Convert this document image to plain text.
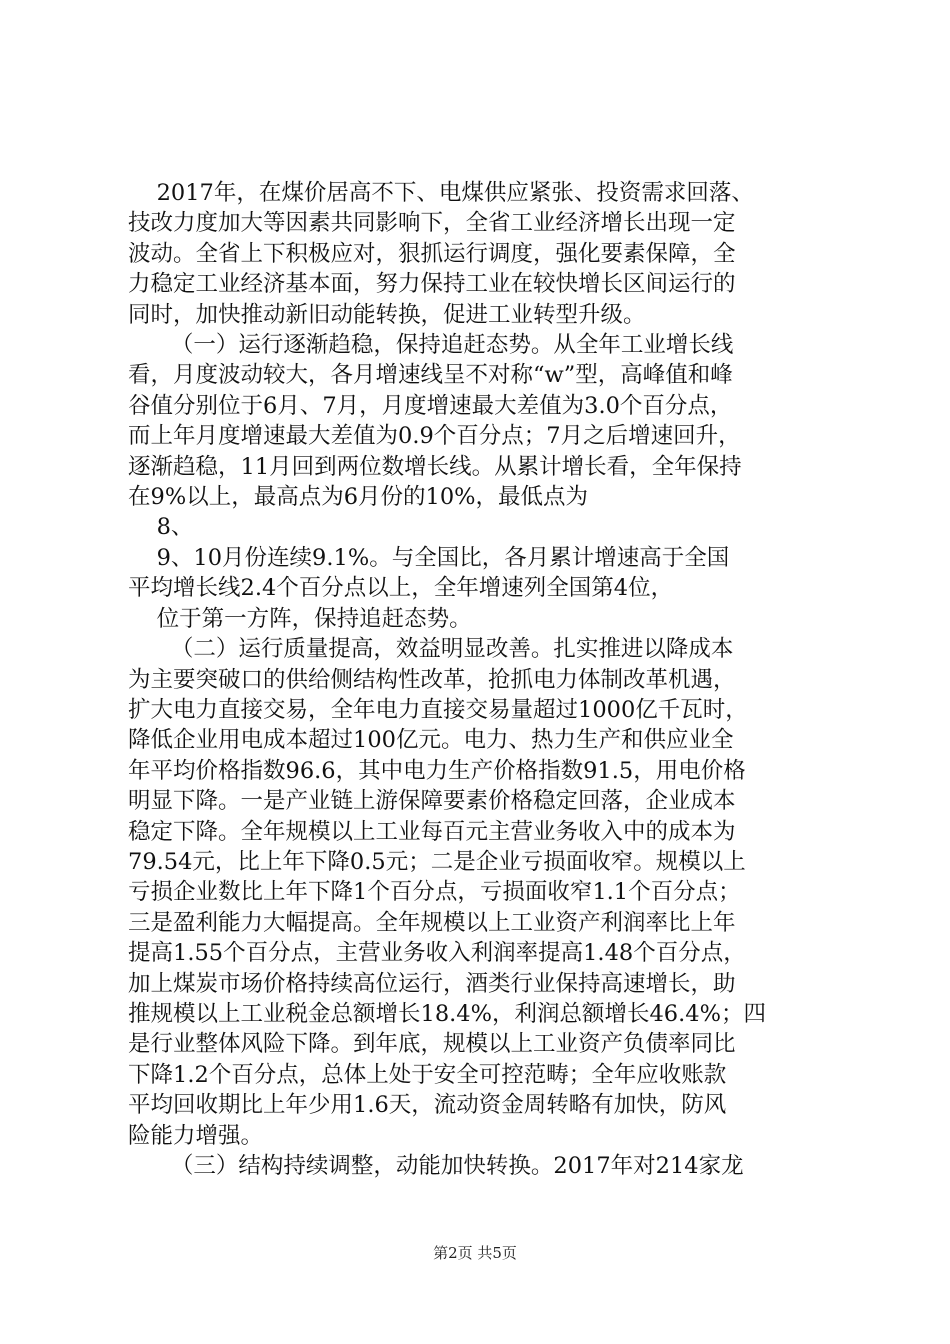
2017年，在煤价居高不下、电煤供应紧张、投资需求回落、
技改力度加大等因素共同影响下，全省工业经济增长出现一定
波动。全省上下积极应对，狠抓运行调度，强化要素保障，全
力稳定工业经济基本面，努力保持工业在较快增长区间运行的
同时，加快推动新旧动能转换，促进工业转型升级。
（一）运行逐渐趋稳，保持追赶态势。从全年工业增长线
看，月度波动较大，各月增速线呈不对称“w”型，高峰值和峰
谷值分别位于6月、7月，月度增速最大差值为3.0个百分点，
而上年月度增速最大差值为0.9个百分点；7月之后增速回升，
逐渐趋稳，11月回到两位数增长线。从累计增长看，全年保持
在9%以上，最高点为6月份的10%，最低点为
8、
9、10月份连续9.1%。与全国比，各月累计增速高于全国
平均增长线2.4个百分点以上，全年增速列全国第4位，
位于第一方阵，保持追赶态势。
（二）运行质量提高，效益明显改善。扎实推进以降成本
为主要突破口的供给侧结构性改革，抢抓电力体制改革机遇，
扩大电力直接交易，全年电力直接交易量超过1000亿千瓦时，
降低企业用电成本超过100亿元。电力、热力生产和供应业全
年平均价格指数96.6，其中电力生产价格指数91.5，用电价格
明显下降。一是产业链上游保障要素价格稳定回落，企业成本
稳定下降。全年规模以上工业每百元主营业务收入中的成本为
79.54元，比上年下降0.5元；二是企业亏损面收窄。规模以上
亏损企业数比上年下降1个百分点，亏损面收窄1.1个百分点；
三是盈利能力大幅提高。全年规模以上工业资产利润率比上年
提高1.55个百分点，主营业务收入利润率提高1.48个百分点，
加上煤炭市场价格持续高位运行，酒类行业保持高速增长，助
推规模以上工业税金总额增长18.4%，利润总额增长46.4%；四
是行业整体风险下降。到年底，规模以上工业资产负债率同比
下降1.2个百分点，总体上处于安全可控范畴；全年应收账款
平均回收期比上年少用1.6天，流动资金周转略有加快，防风
险能力增强。
（三）结构持续调整，动能加快转换。2017年对214家龙
第2页 共5页
